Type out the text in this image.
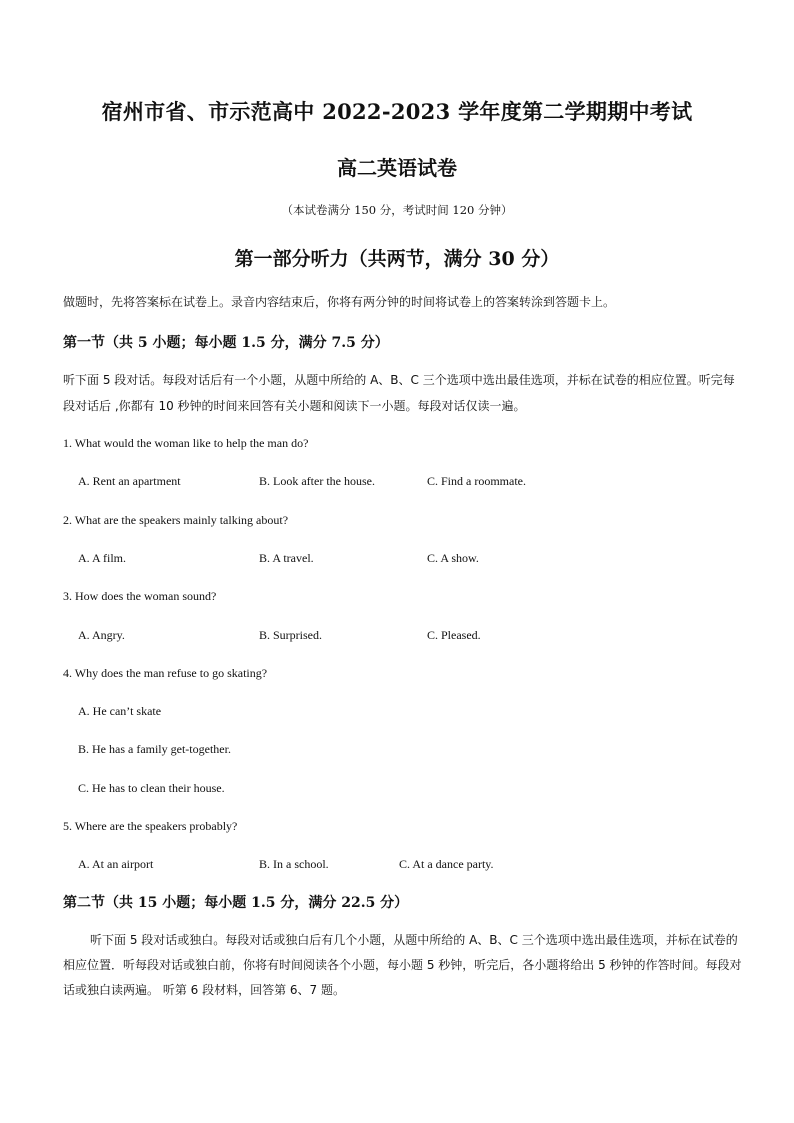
宿州市省、市示范高中 2022-2023 学年度第二学期期中考试
高二英语试卷
（本试卷满分 150 分，考试时间 120 分钟）
第一部分听力（共两节，满分 30 分）
做题时，先将答案标在试卷上。录音内容结束后，你将有两分钟的时间将试卷上的答案转涂到答题卡上。
第一节（共 5 小题；每小题 1.5 分，满分 7.5 分）
听下面 5 段对话。每段对话后有一个小题，从题中所给的 A、B、C 三个选项中选出最佳选项，并标在试卷的相应位置。听完每段对话后 ,你都有 10 秒钟的时间来回答有关小题和阅读下一小题。每段对话仅读一遍。
1. What would the woman like to help the man do?
A. Rent an apartment	B. Look after the house.	C. Find a roommate.
2. What are the speakers mainly talking about?
A. A film.	B. A travel.	C. A show.
3. How does the woman sound?
A. Angry.	B. Surprised.	C. Pleased.
4. Why does the man refuse to go skating?
A. He can’t skate
B. He has a family get-together.
C. He has to clean their house.
5. Where are the speakers probably?
A. At an airport	B. In a school.	C. At a dance party.
第二节（共 15 小题；每小题 1.5 分，满分 22.5 分）
听下面 5 段对话或独白。每段对话或独白后有几个小题，从题中所给的 A、B、C 三个选项中选出最佳选项，并标在试卷的相应位置．听每段对话或独白前，你将有时间阅读各个小题，每小题 5 秒钟，听完后，各小题将给出 5 秒钟的作答时间。每段对话或独白读两遍。 听第 6 段材料，回答第 6、7 题。
